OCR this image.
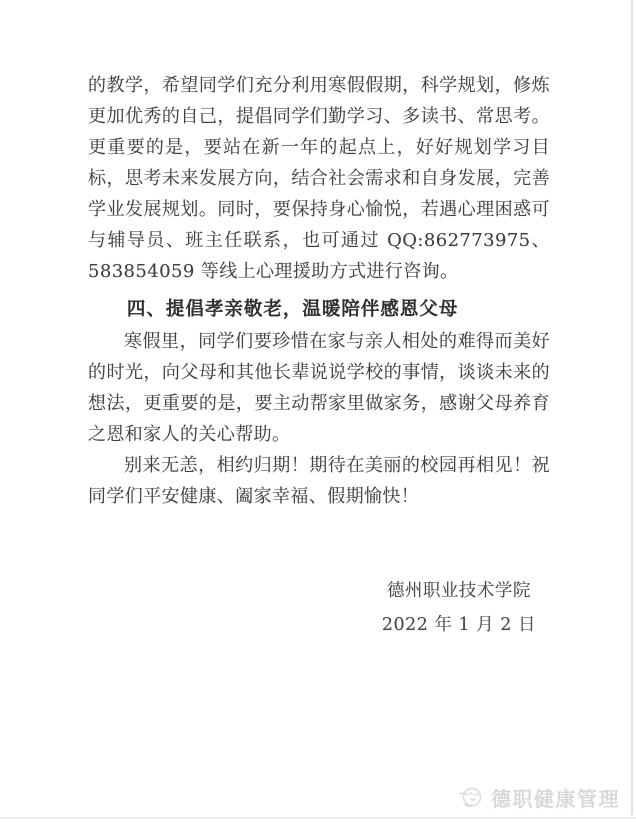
的教学，希望同学们充分利用寒假假期，科学规划，修炼更加优秀的自己，提倡同学们勤学习、多读书、常思考。更重要的是，要站在新一年的起点上，好好规划学习目标，思考未来发展方向，结合社会需求和自身发展，完善学业发展规划。同时，要保持身心愉悦，若遇心理困惑可与辅导员、班主任联系，也可通过 QQ:862773975、583854059 等线上心理援助方式进行咨询。

四、提倡孝亲敬老，温暖陪伴感恩父母

寒假里，同学们要珍惜在家与亲人相处的难得而美好的时光，向父母和其他长辈说说学校的事情，谈谈未来的想法，更重要的是，要主动帮家里做家务，感谢父母养育之恩和家人的关心帮助。

别来无恙，相约归期！期待在美丽的校园再相见！祝同学们平安健康、阖家幸福、假期愉快！

德州职业技术学院
2022 年 1 月 2 日
德职健康管理
